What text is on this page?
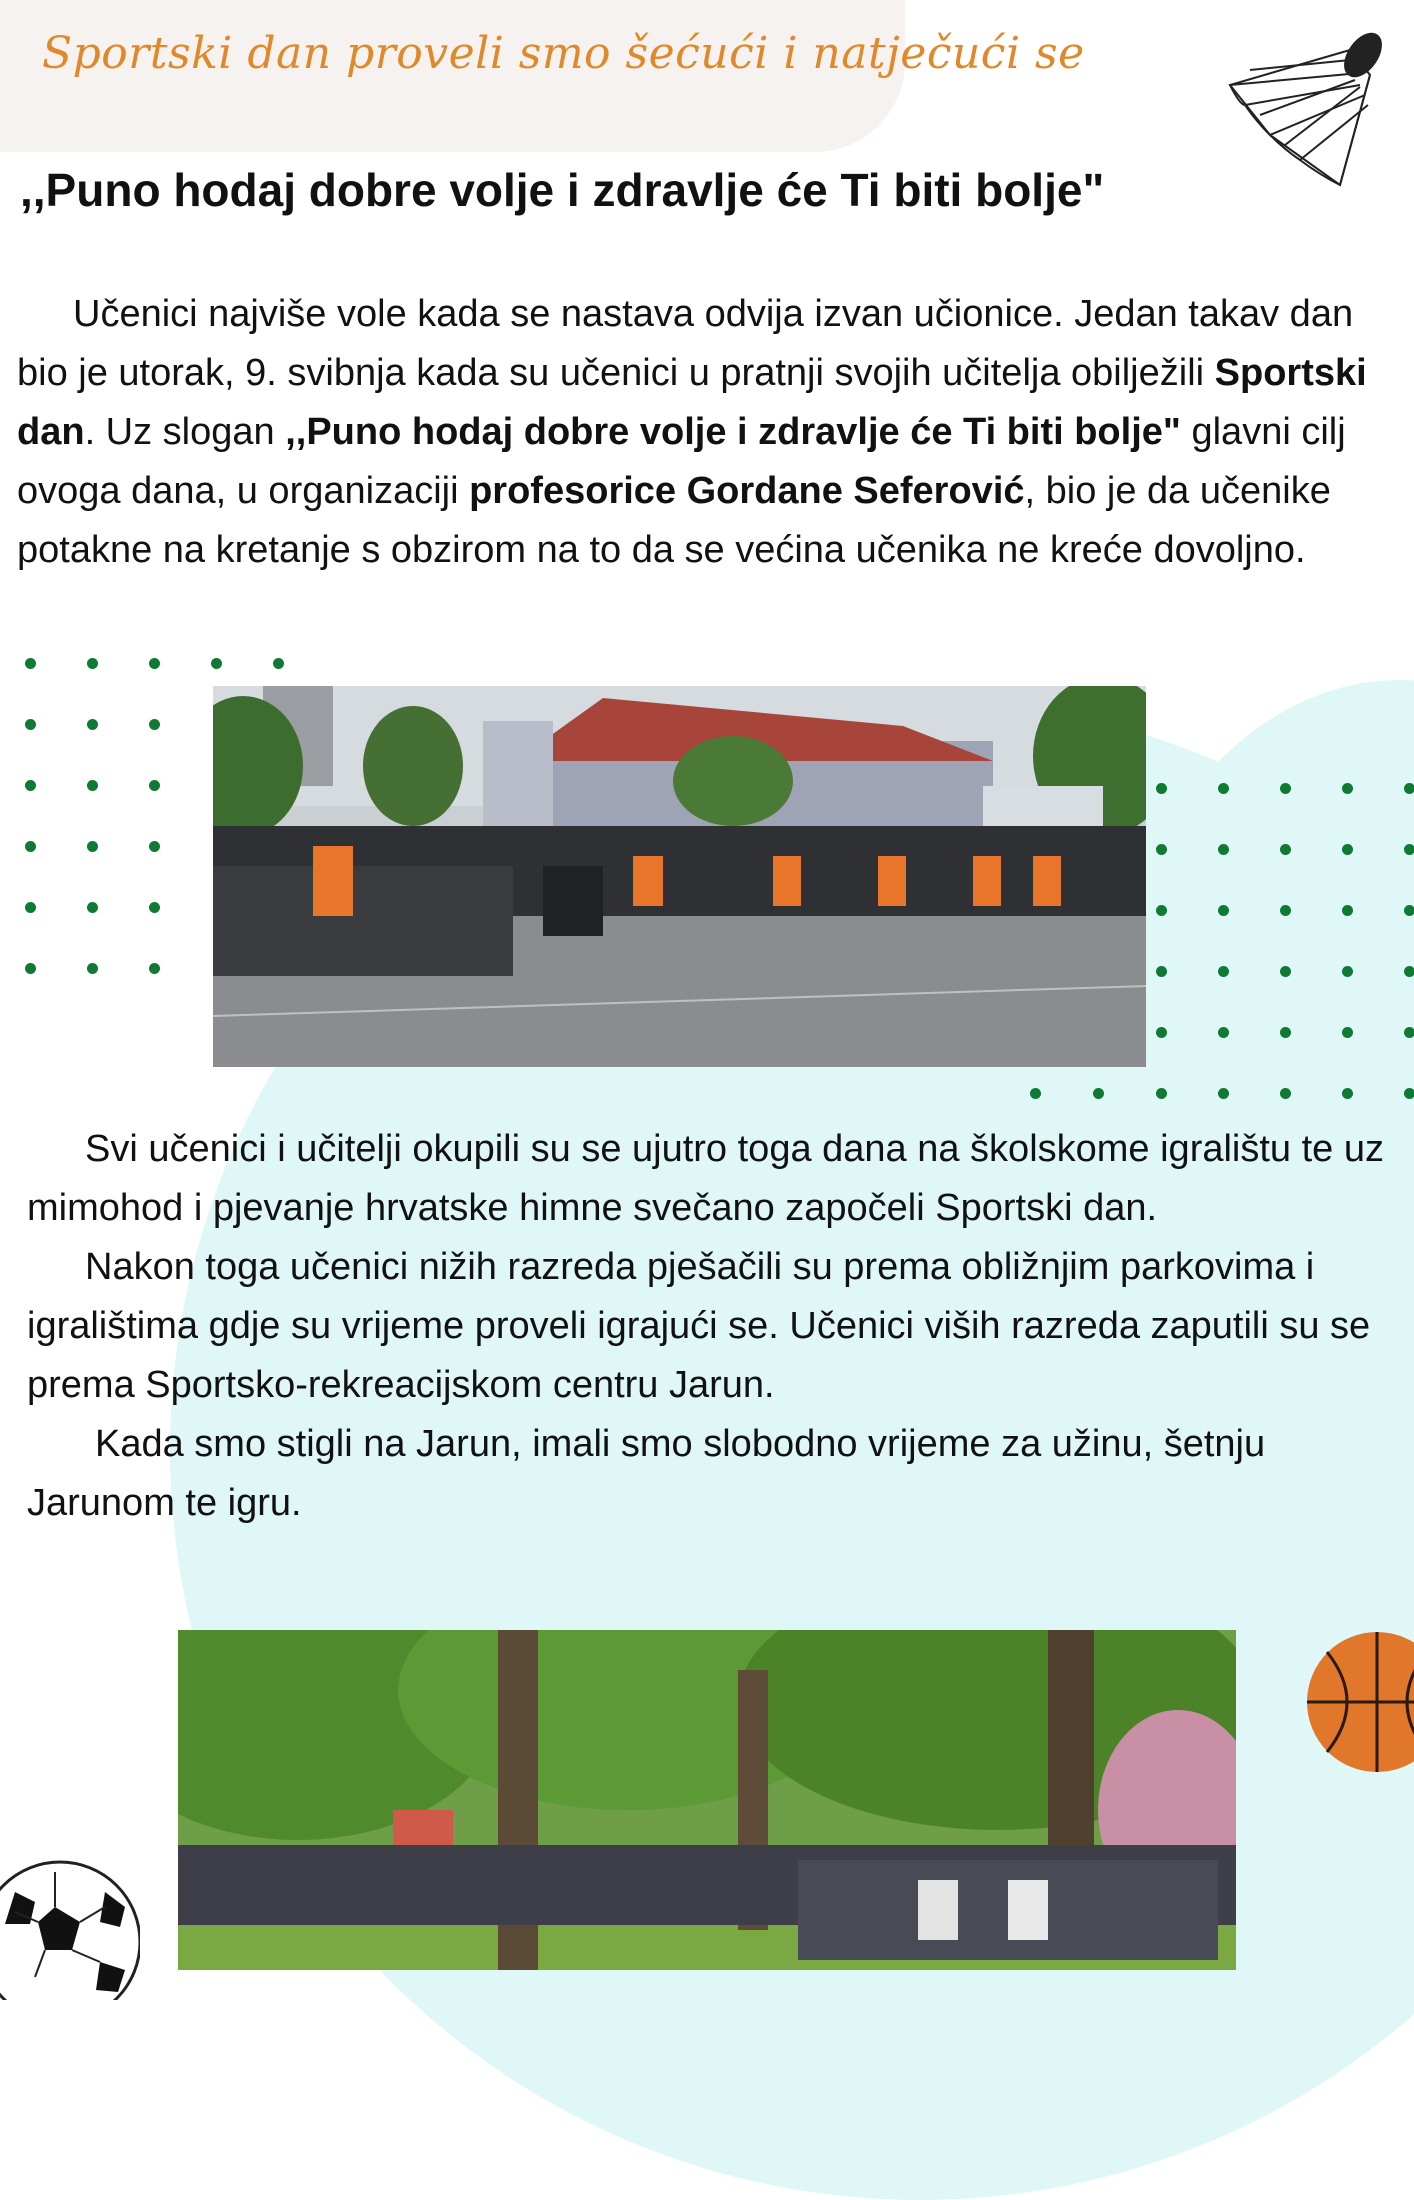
Sportski dan proveli smo šećući i natječući se
,,Puno hodaj dobre volje i zdravlje će Ti biti bolje"

Učenici najviše vole kada se nastava odvija izvan učionice. Jedan takav dan bio je utorak, 9. svibnja kada su učenici u pratnji svojih učitelja obilježili Sportski dan. Uz slogan ,,Puno hodaj dobre volje i zdravlje će Ti biti bolje" glavni cilj ovoga dana, u organizaciji profesorice Gordane Seferović, bio je da učenike potakne na kretanje s obzirom na to da se većina učenika ne kreće dovoljno.

Svi učenici i učitelji okupili su se ujutro toga dana na školskome igralištu te uz mimohod i pjevanje hrvatske himne svečano započeli Sportski dan.
Nakon toga učenici nižih razreda pješačili su prema obližnjim parkovima i igralištima gdje su vrijeme proveli igrajući se. Učenici viših razreda zaputili su se prema Sportsko-rekreacijskom centru Jarun.
Kada smo stigli na Jarun, imali smo slobodno vrijeme za užinu, šetnju Jarunom te igru.
